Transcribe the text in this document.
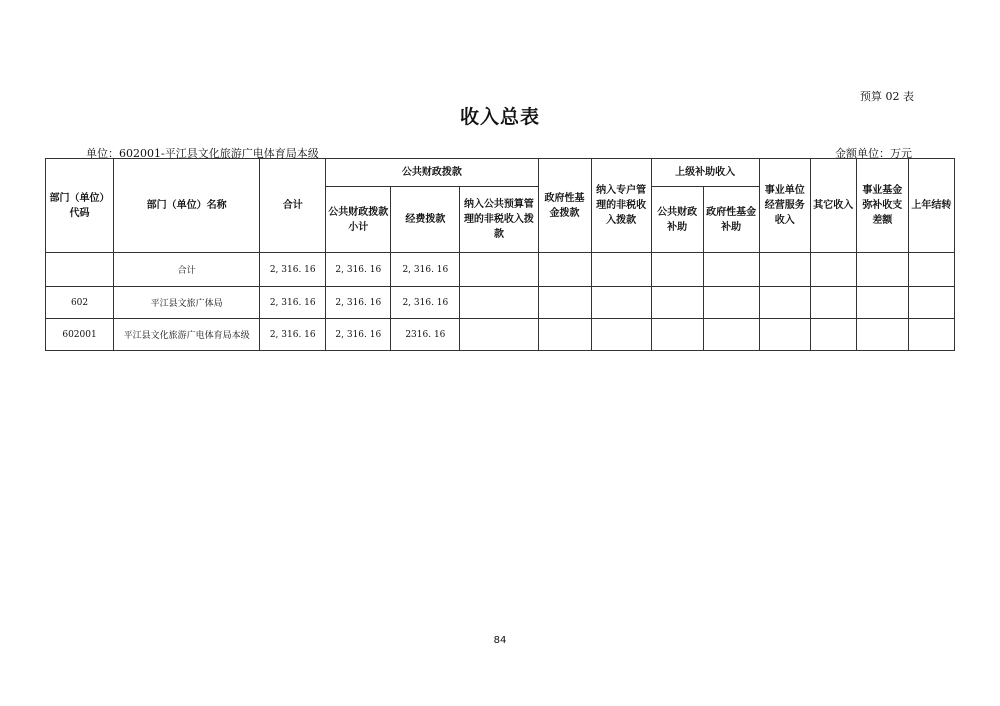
预算 02 表
收入总表
单位：602001-平江县文化旅游广电体育局本级	金额单位：万元
部门（单位）代码	部门（单位）名称	合计	公共财政拨款			政府性基金拨款	纳入专户管理的非税收入拨款	上级补助收入		事业单位经营服务收入	其它收入	事业基金弥补收支差额	上年结转
			公共财政拨款小计	经费拨款	纳入公共预算管理的非税收入拨款			公共财政补助	政府性基金补助				
	合计	2, 316. 16	2, 316. 16	2, 316. 16									
602	平江县文旅广体局	2, 316. 16	2, 316. 16	2, 316. 16									
602001	平江县文化旅游广电体育局本级	2, 316. 16	2, 316. 16	2316. 16									
84
